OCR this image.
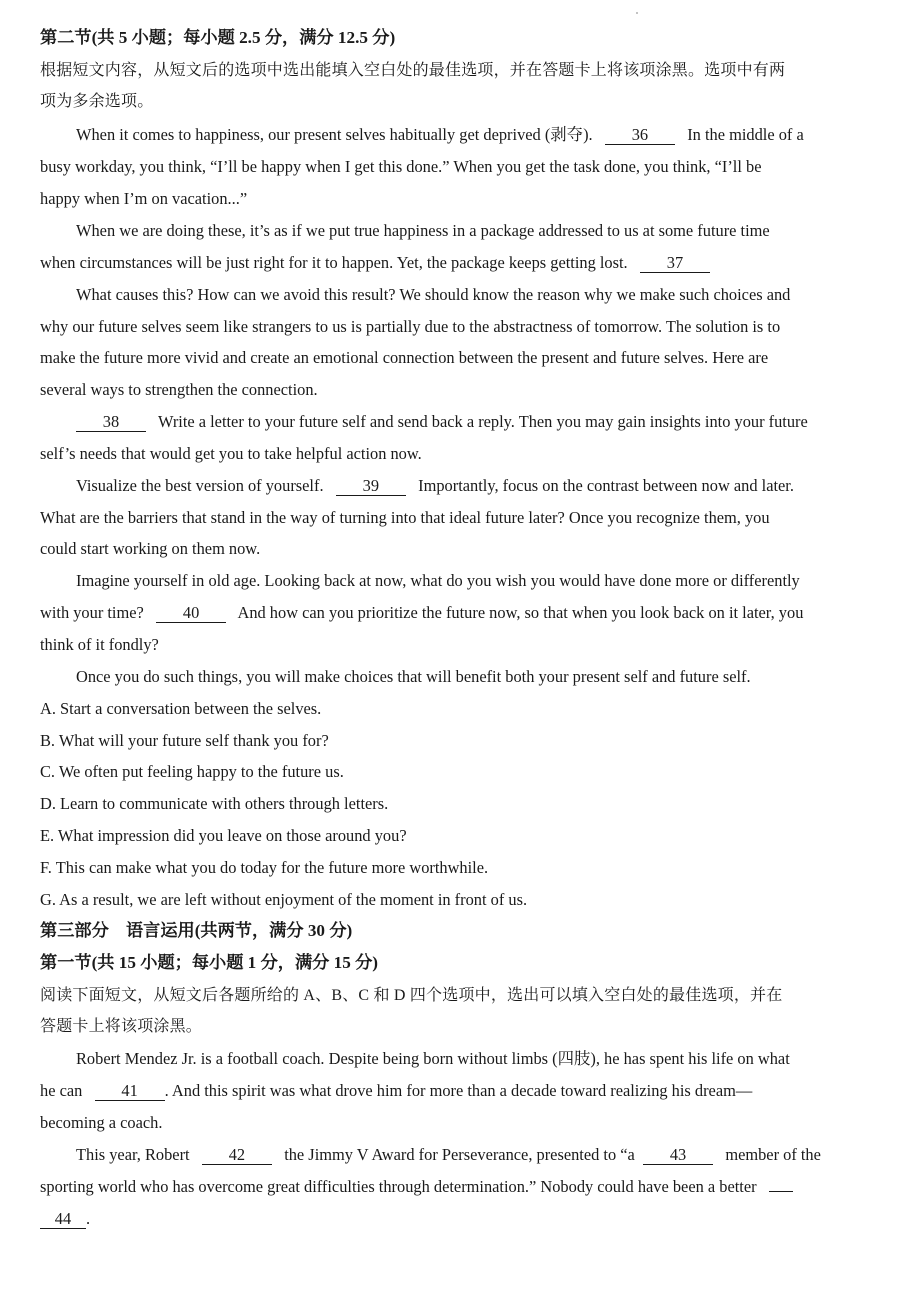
第二节(共 5 小题；每小题 2.5 分，满分 12.5 分)
根据短文内容，从短文后的选项中选出能填入空白处的最佳选项，并在答题卡上将该项涂黑。选项中有两
项为多余选项。
When it comes to happiness, our present selves habitually get deprived (剥夺). 36 In the middle of a
busy workday, you think, “I’ll be happy when I get this done.” When you get the task done, you think, “I’ll be
happy when I’m on vacation...”
When we are doing these, it’s as if we put true happiness in a package addressed to us at some future time
when circumstances will be just right for it to happen. Yet, the package keeps getting lost. 37
What causes this? How can we avoid this result? We should know the reason why we make such choices and
why our future selves seem like strangers to us is partially due to the abstractness of tomorrow. The solution is to
make the future more vivid and create an emotional connection between the present and future selves. Here are
several ways to strengthen the connection.
38 Write a letter to your future self and send back a reply. Then you may gain insights into your future
self’s needs that would get you to take helpful action now.
Visualize the best version of yourself. 39 Importantly, focus on the contrast between now and later.
What are the barriers that stand in the way of turning into that ideal future later? Once you recognize them, you
could start working on them now.
Imagine yourself in old age. Looking back at now, what do you wish you would have done more or differently
with your time? 40 And how can you prioritize the future now, so that when you look back on it later, you
think of it fondly?
Once you do such things, you will make choices that will benefit both your present self and future self.
A. Start a conversation between the selves.
B. What will your future self thank you for?
C. We often put feeling happy to the future us.
D. Learn to communicate with others through letters.
E. What impression did you leave on those around you?
F. This can make what you do today for the future more worthwhile.
G. As a result, we are left without enjoyment of the moment in front of us.
第三部分　语言运用(共两节，满分 30 分)
第一节(共 15 小题；每小题 1 分，满分 15 分)
阅读下面短文，从短文后各题所给的 A、B、C 和 D 四个选项中，选出可以填入空白处的最佳选项，并在
答题卡上将该项涂黑。
Robert Mendez Jr. is a football coach. Despite being born without limbs (四肢), he has spent his life on what
he can 41 . And this spirit was what drove him for more than a decade toward realizing his dream—
becoming a coach.
This year, Robert 42 the Jimmy V Award for Perseverance, presented to “a 43 member of the
sporting world who has overcome great difficulties through determination.” Nobody could have been a better
44 .
